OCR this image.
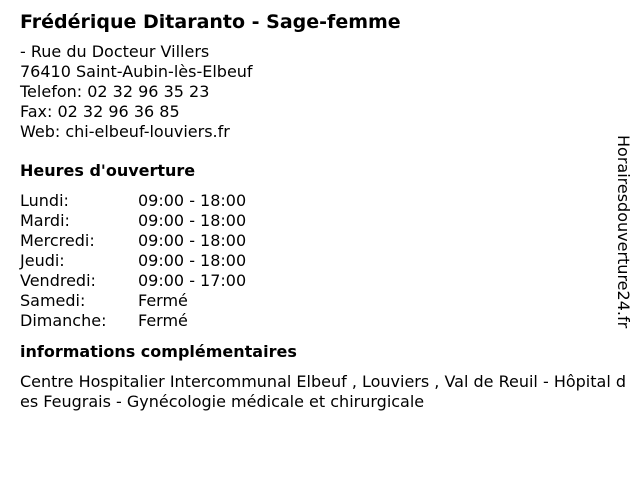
Frédérique Ditaranto - Sage-femme
- Rue du Docteur Villers
76410 Saint-Aubin-lès-Elbeuf
Telefon: 02 32 96 35 23
Fax: 02 32 96 36 85
Web: chi-elbeuf-louviers.fr
Heures d'ouverture
Lundi:	09:00 - 18:00
Mardi:	09:00 - 18:00
Mercredi:	09:00 - 18:00
Jeudi:	09:00 - 18:00
Vendredi:	09:00 - 17:00
Samedi:	Fermé
Dimanche:	Fermé
informations complémentaires
Centre Hospitalier Intercommunal Elbeuf , Louviers , Val de Reuil - Hôpital des Feugrais - Gynécologie médicale et chirurgicale
Horairesdouverture24.fr
